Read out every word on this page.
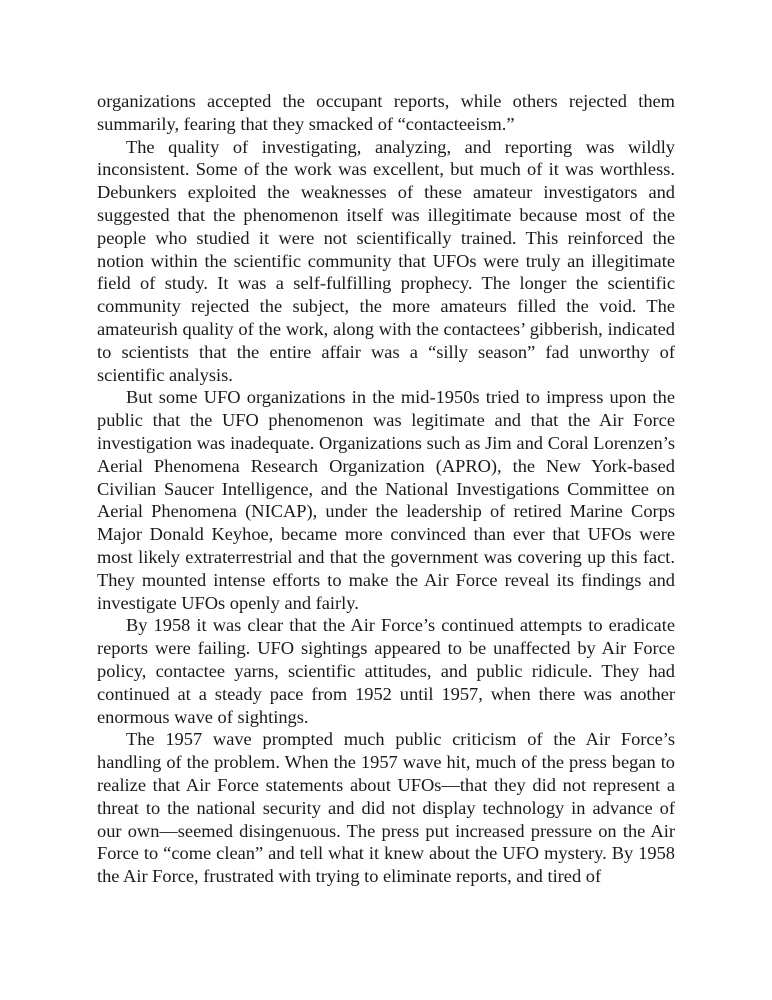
organizations accepted the occupant reports, while others rejected them summarily, fearing that they smacked of “contacteeism.”

The quality of investigating, analyzing, and reporting was wildly inconsistent. Some of the work was excellent, but much of it was worthless. Debunkers exploited the weaknesses of these amateur investigators and suggested that the phenomenon itself was illegitimate because most of the people who studied it were not scientifically trained. This reinforced the notion within the scientific community that UFOs were truly an illegitimate field of study. It was a self-fulfilling prophecy. The longer the scientific community rejected the subject, the more amateurs filled the void. The amateurish quality of the work, along with the contactees’ gibberish, indicated to scientists that the entire affair was a “silly season” fad unworthy of scientific analysis.

But some UFO organizations in the mid-1950s tried to impress upon the public that the UFO phenomenon was legitimate and that the Air Force investigation was inadequate. Organizations such as Jim and Coral Lorenzen’s Aerial Phenomena Research Organization (APRO), the New York-based Civilian Saucer Intelligence, and the National Investigations Committee on Aerial Phenomena (NICAP), under the leadership of retired Marine Corps Major Donald Keyhoe, became more convinced than ever that UFOs were most likely extraterrestrial and that the government was covering up this fact. They mounted intense efforts to make the Air Force reveal its findings and investigate UFOs openly and fairly.

By 1958 it was clear that the Air Force’s continued attempts to eradicate reports were failing. UFO sightings appeared to be unaffected by Air Force policy, contactee yarns, scientific attitudes, and public ridicule. They had continued at a steady pace from 1952 until 1957, when there was another enormous wave of sightings.

The 1957 wave prompted much public criticism of the Air Force’s handling of the problem. When the 1957 wave hit, much of the press began to realize that Air Force statements about UFOs—that they did not represent a threat to the national security and did not display technology in advance of our own—seemed disingenuous. The press put increased pressure on the Air Force to “come clean” and tell what it knew about the UFO mystery. By 1958 the Air Force, frustrated with trying to eliminate reports, and tired of
